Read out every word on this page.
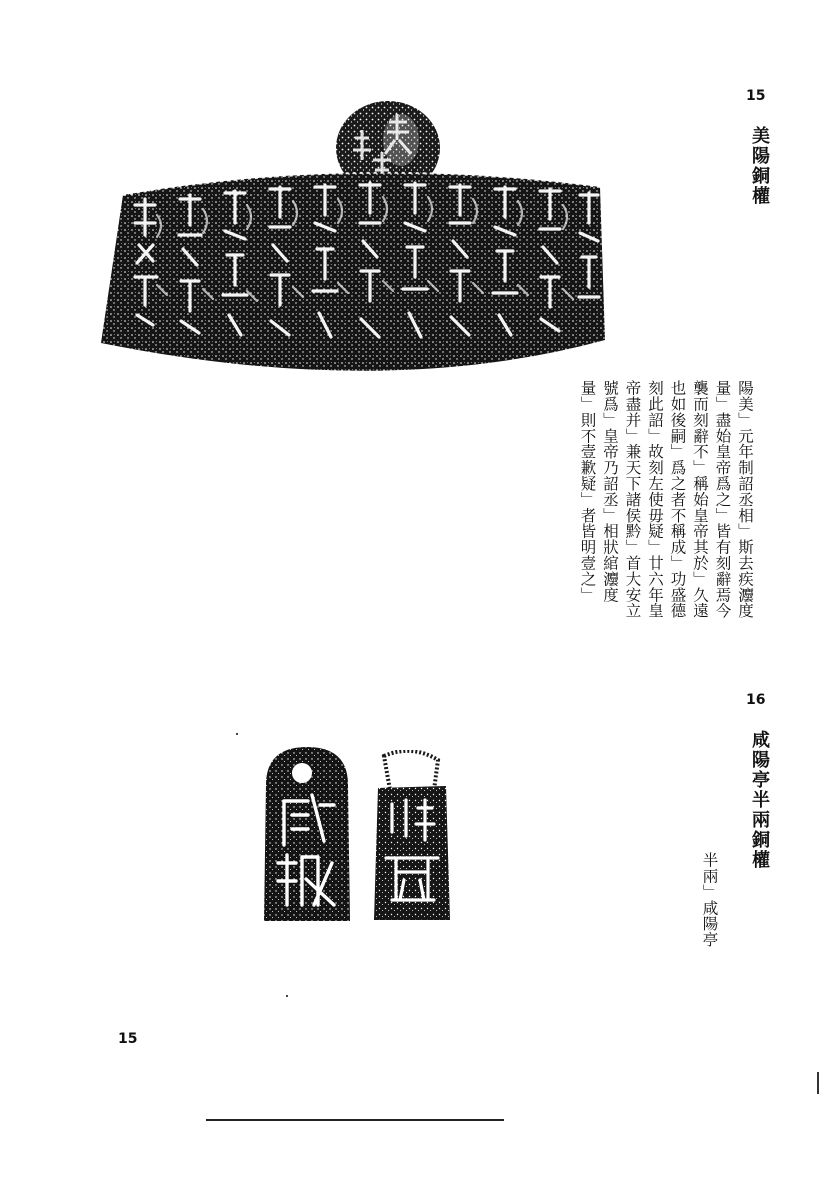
15
美陽銅權
陽美」元年制詔丞相」斯去疾灋度
量」盡始皇帝爲之」皆有刻辭焉今
襲而刻辭不」稱始皇帝其於」久遠
也如後嗣」爲之者不稱成」功盛德
刻此詔」故刻左使毋疑」廿六年皇
帝盡并」兼天下諸侯黔」首大安立
號爲」皇帝乃詔丞」相狀綰灋度
量」則不壹歉疑」者皆明壹之」
16
咸陽亭半兩銅權
半兩」咸陽亭
15
